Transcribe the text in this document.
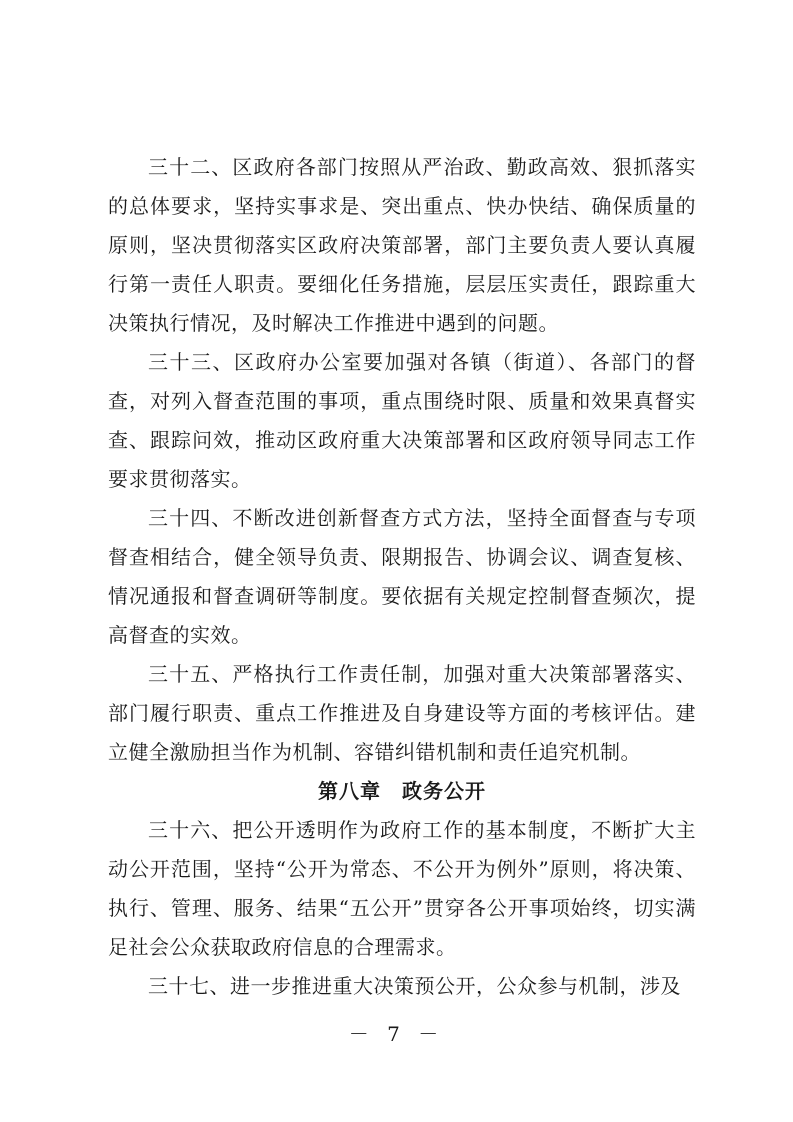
三十二、区政府各部门按照从严治政、勤政高效、狠抓落实的总体要求，坚持实事求是、突出重点、快办快结、确保质量的原则，坚决贯彻落实区政府决策部署，部门主要负责人要认真履行第一责任人职责。要细化任务措施，层层压实责任，跟踪重大决策执行情况，及时解决工作推进中遇到的问题。

三十三、区政府办公室要加强对各镇（街道）、各部门的督查，对列入督查范围的事项，重点围绕时限、质量和效果真督实查、跟踪问效，推动区政府重大决策部署和区政府领导同志工作要求贯彻落实。

三十四、不断改进创新督查方式方法，坚持全面督查与专项督查相结合，健全领导负责、限期报告、协调会议、调查复核、情况通报和督查调研等制度。要依据有关规定控制督查频次，提高督查的实效。

三十五、严格执行工作责任制，加强对重大决策部署落实、部门履行职责、重点工作推进及自身建设等方面的考核评估。建立健全激励担当作为机制、容错纠错机制和责任追究机制。

第八章　政务公开

三十六、把公开透明作为政府工作的基本制度，不断扩大主动公开范围，坚持“公开为常态、不公开为例外”原则，将决策、执行、管理、服务、结果“五公开”贯穿各公开事项始终，切实满足社会公众获取政府信息的合理需求。

三十七、进一步推进重大决策预公开，公众参与机制，涉及

－ 7 －
